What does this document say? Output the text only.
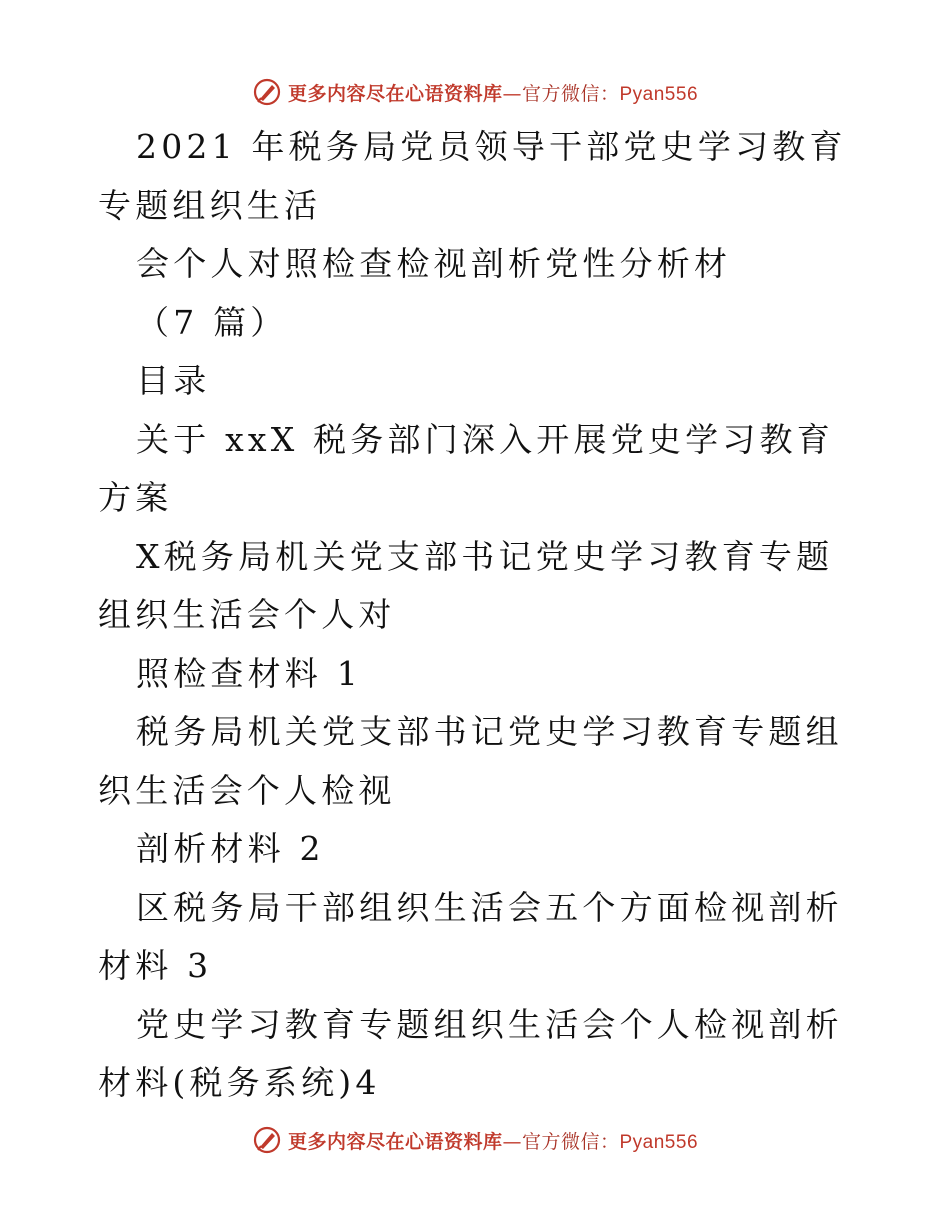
更多内容尽在心语资料库—官方微信：Pyan556

2021 年税务局党员领导干部党史学习教育专题组织生活

会个人对照检查检视剖析党性分析材

（7 篇）

目录

关于 xxX 税务部门深入开展党史学习教育方案

X税务局机关党支部书记党史学习教育专题组织生活会个人对

照检查材料 1

税务局机关党支部书记党史学习教育专题组织生活会个人检视

剖析材料 2

区税务局干部组织生活会五个方面检视剖析材料 3

党史学习教育专题组织生活会个人检视剖析材料(税务系统)4

更多内容尽在心语资料库—官方微信：Pyan556
